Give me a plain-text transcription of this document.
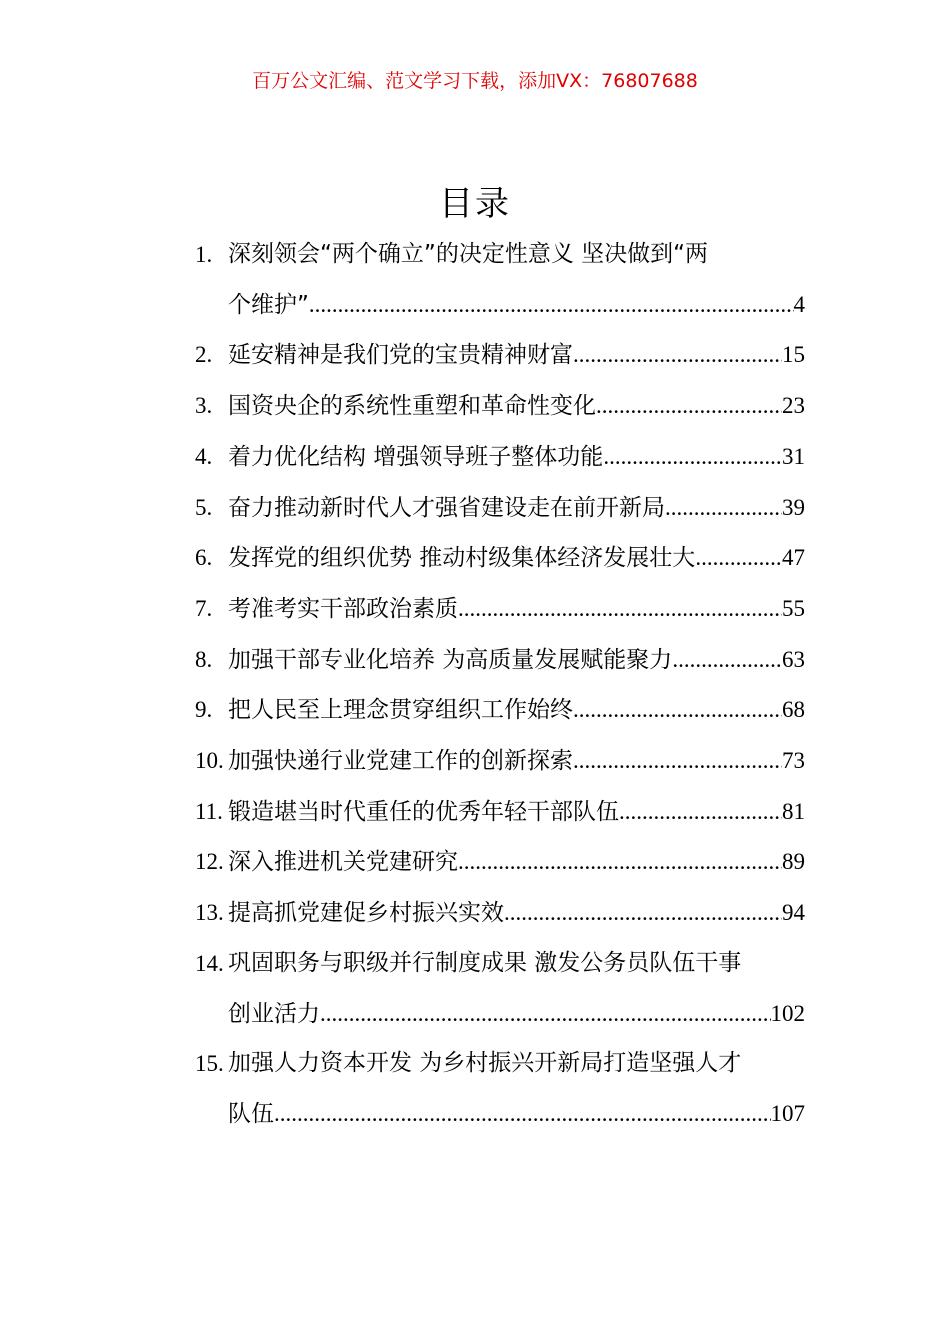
百万公文汇编、范文学习下载，添加VX：76807688
目录
1. 深刻领会“两个确立”的决定性意义 坚决做到“两
个维护” .....	4
2. 延安精神是我们党的宝贵精神财富 .....	15
3. 国资央企的系统性重塑和革命性变化 .....	23
4. 着力优化结构 增强领导班子整体功能 .....	31
5. 奋力推动新时代人才强省建设走在前开新局 .....	39
6. 发挥党的组织优势 推动村级集体经济发展壮大 .....	47
7. 考准考实干部政治素质 .....	55
8. 加强干部专业化培养 为高质量发展赋能聚力 .....	63
9. 把人民至上理念贯穿组织工作始终 .....	68
10. 加强快递行业党建工作的创新探索 .....	73
11. 锻造堪当时代重任的优秀年轻干部队伍 .....	81
12. 深入推进机关党建研究 .....	89
13. 提高抓党建促乡村振兴实效 .....	94
14. 巩固职务与职级并行制度成果 激发公务员队伍干事
创业活力 .....	102
15. 加强人力资本开发 为乡村振兴开新局打造坚强人才
队伍 .....	107
